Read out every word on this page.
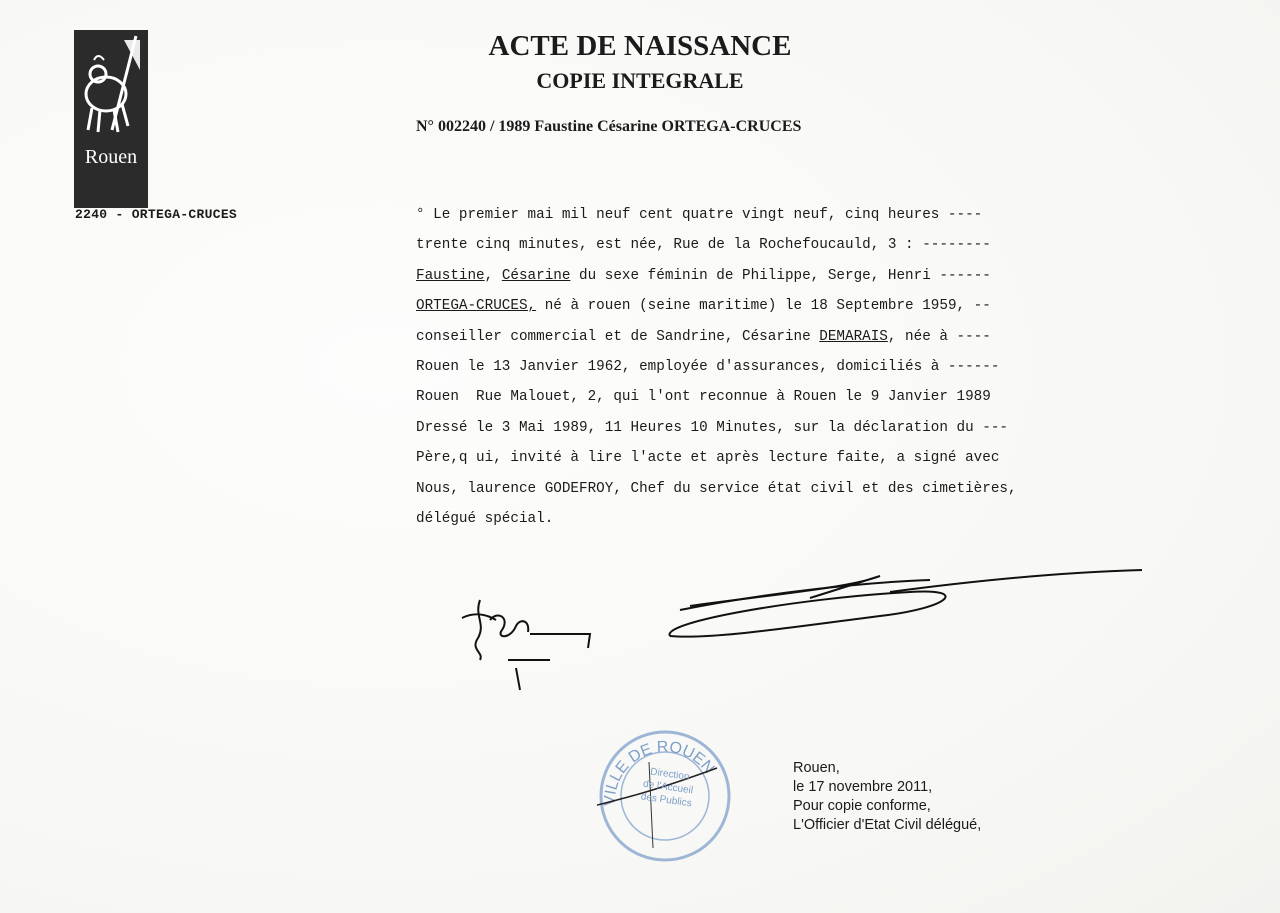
Rouen
2240 - ORTEGA-CRUCES
ACTE DE NAISSANCE
COPIE INTEGRALE
N° 002240 / 1989 Faustine Césarine ORTEGA-CRUCES
° Le premier mai mil neuf cent quatre vingt neuf, cinq heures ----
trente cinq minutes, est née, Rue de la Rochefoucauld, 3 : --------
Faustine, Césarine du sexe féminin de Philippe, Serge, Henri ------
ORTEGA-CRUCES, né à rouen (seine maritime) le 18 Septembre 1959, --
conseiller commercial et de Sandrine, Césarine DEMARAIS, née à ----
Rouen le 13 Janvier 1962, employée d'assurances, domiciliés à ------
Rouen  Rue Malouet, 2, qui l'ont reconnue à Rouen le 9 Janvier 1989
Dressé le 3 Mai 1989, 11 Heures 10 Minutes, sur la déclaration du ---
Père,q ui, invité à lire l'acte et après lecture faite, a signé avec
Nous, laurence GODEFROY, Chef du service état civil et des cimetières,
délégué spécial.
VILLE DE ROUEN
Direction
de l'Accueil
des Publics
Rouen,
le 17 novembre 2011,
Pour copie conforme,
L'Officier d'Etat Civil délégué,
